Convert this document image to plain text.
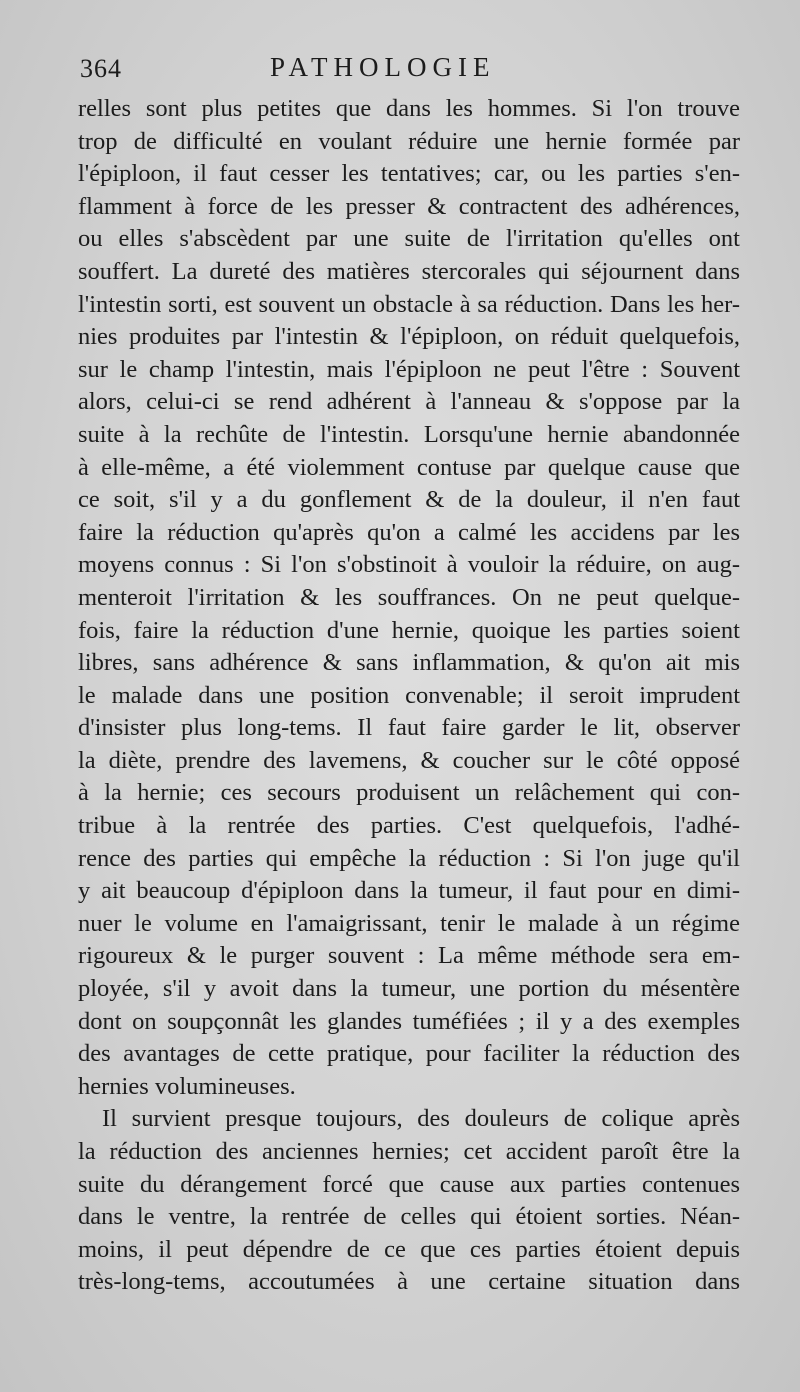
364	PATHOLOGIE
relles sont plus petites que dans les hommes. Si l'on trouve
trop de difficulté en voulant réduire une hernie formée par
l'épiploon, il faut cesser les tentatives; car, ou les parties s'en-
flamment à force de les presser & contractent des adhérences,
ou elles s'abscèdent par une suite de l'irritation qu'elles ont
souffert. La dureté des matières stercorales qui séjournent dans
l'intestin sorti, est souvent un obstacle à sa réduction. Dans les her-
nies produites par l'intestin & l'épiploon, on réduit quelquefois,
sur le champ l'intestin, mais l'épiploon ne peut l'être : Souvent
alors, celui-ci se rend adhérent à l'anneau & s'oppose par la
suite à la rechûte de l'intestin. Lorsqu'une hernie abandonnée
à elle-même, a été violemment contuse par quelque cause que
ce soit, s'il y a du gonflement & de la douleur, il n'en faut
faire la réduction qu'après qu'on a calmé les accidens par les
moyens connus : Si l'on s'obstinoit à vouloir la réduire, on aug-
menteroit l'irritation & les souffrances. On ne peut quelque-
fois, faire la réduction d'une hernie, quoique les parties soient
libres, sans adhérence & sans inflammation, & qu'on ait mis
le malade dans une position convenable; il seroit imprudent
d'insister plus long-tems. Il faut faire garder le lit, observer
la diète, prendre des lavemens, & coucher sur le côté opposé
à la hernie; ces secours produisent un relâchement qui con-
tribue à la rentrée des parties. C'est quelquefois, l'adhé-
rence des parties qui empêche la réduction : Si l'on juge qu'il
y ait beaucoup d'épiploon dans la tumeur, il faut pour en dimi-
nuer le volume en l'amaigrissant, tenir le malade à un régime
rigoureux & le purger souvent : La même méthode sera em-
ployée, s'il y avoit dans la tumeur, une portion du mésentère
dont on soupçonnât les glandes tuméfiées ; il y a des exemples
des avantages de cette pratique, pour faciliter la réduction des
hernies volumineuses.
Il survient presque toujours, des douleurs de colique après
la réduction des anciennes hernies; cet accident paroît être la
suite du dérangement forcé que cause aux parties contenues
dans le ventre, la rentrée de celles qui étoient sorties. Néan-
moins, il peut dépendre de ce que ces parties étoient depuis
très-long-tems, accoutumées à une certaine situation dans
